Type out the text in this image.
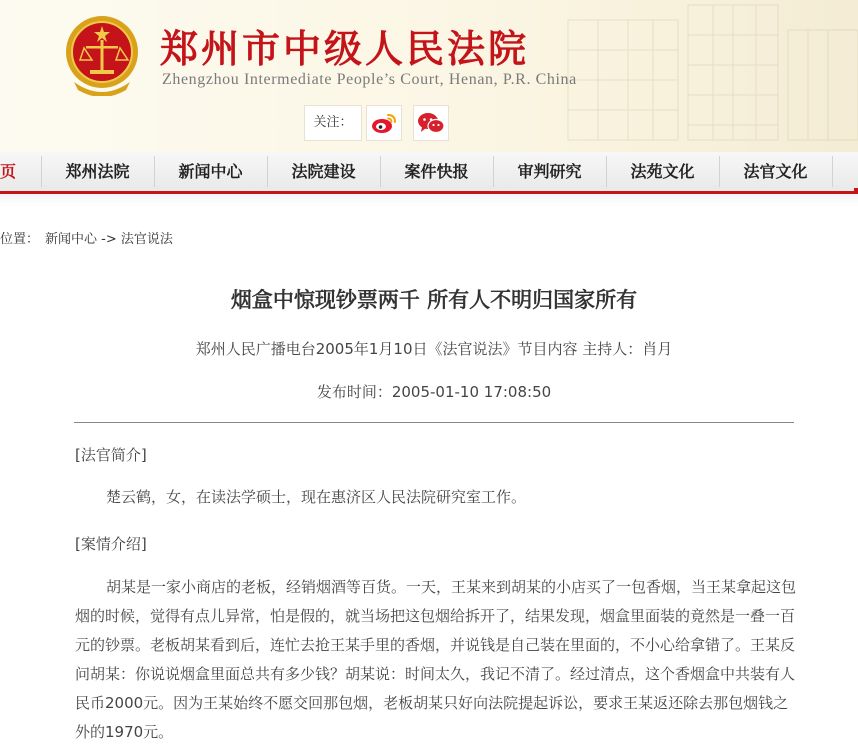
郑州市中级人民法院
Zhengzhou Intermediate People’s Court, Henan, P.R. China
关注：
页	郑州法院	新闻中心	法院建设	案件快报	审判研究	法苑文化	法官文化
位置： 新闻中心 -> 法官说法
烟盒中惊现钞票两千 所有人不明归国家所有
郑州人民广播电台2005年1月10日《法官说法》节目内容 主持人：肖月
发布时间：2005-01-10 17:08:50
[法官简介]
楚云鹤，女，在读法学硕士，现在惠济区人民法院研究室工作。
[案情介绍]
胡某是一家小商店的老板，经销烟酒等百货。一天，王某来到胡某的小店买了一包香烟，当王某拿起这包烟的时候，觉得有点儿异常，怕是假的，就当场把这包烟给拆开了，结果发现，烟盒里面装的竟然是一叠一百元的钞票。老板胡某看到后，连忙去抢王某手里的香烟，并说钱是自己装在里面的，不小心给拿错了。王某反问胡某：你说说烟盒里面总共有多少钱？胡某说：时间太久，我记不清了。经过清点，这个香烟盒中共装有人民币2000元。因为王某始终不愿交回那包烟，老板胡某只好向法院提起诉讼，要求王某返还除去那包烟钱之外的1970元。
